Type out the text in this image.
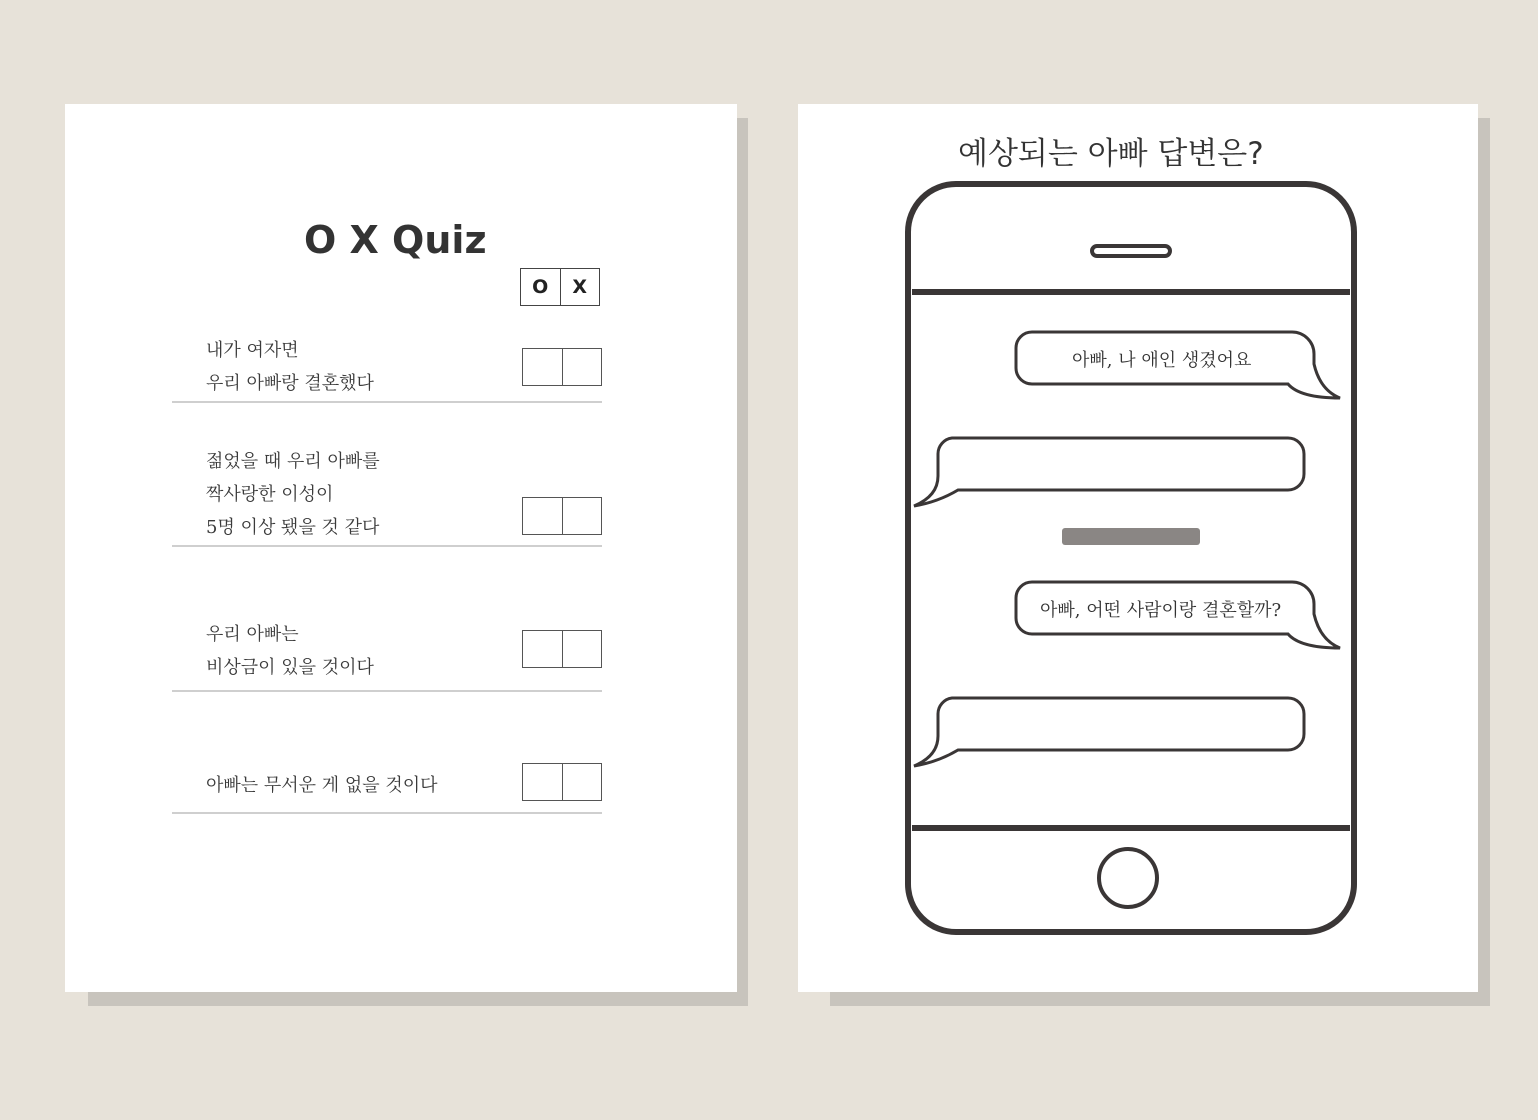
O X Quiz
O	X
내가 여자면
우리 아빠랑 결혼했다
젊었을 때 우리 아빠를
짝사랑한 이성이
5명 이상 됐을 것 같다
우리 아빠는
비상금이 있을 것이다
아빠는 무서운 게 없을 것이다
예상되는 아빠 답변은?
아빠, 나 애인 생겼어요
아빠, 어떤 사람이랑 결혼할까?
